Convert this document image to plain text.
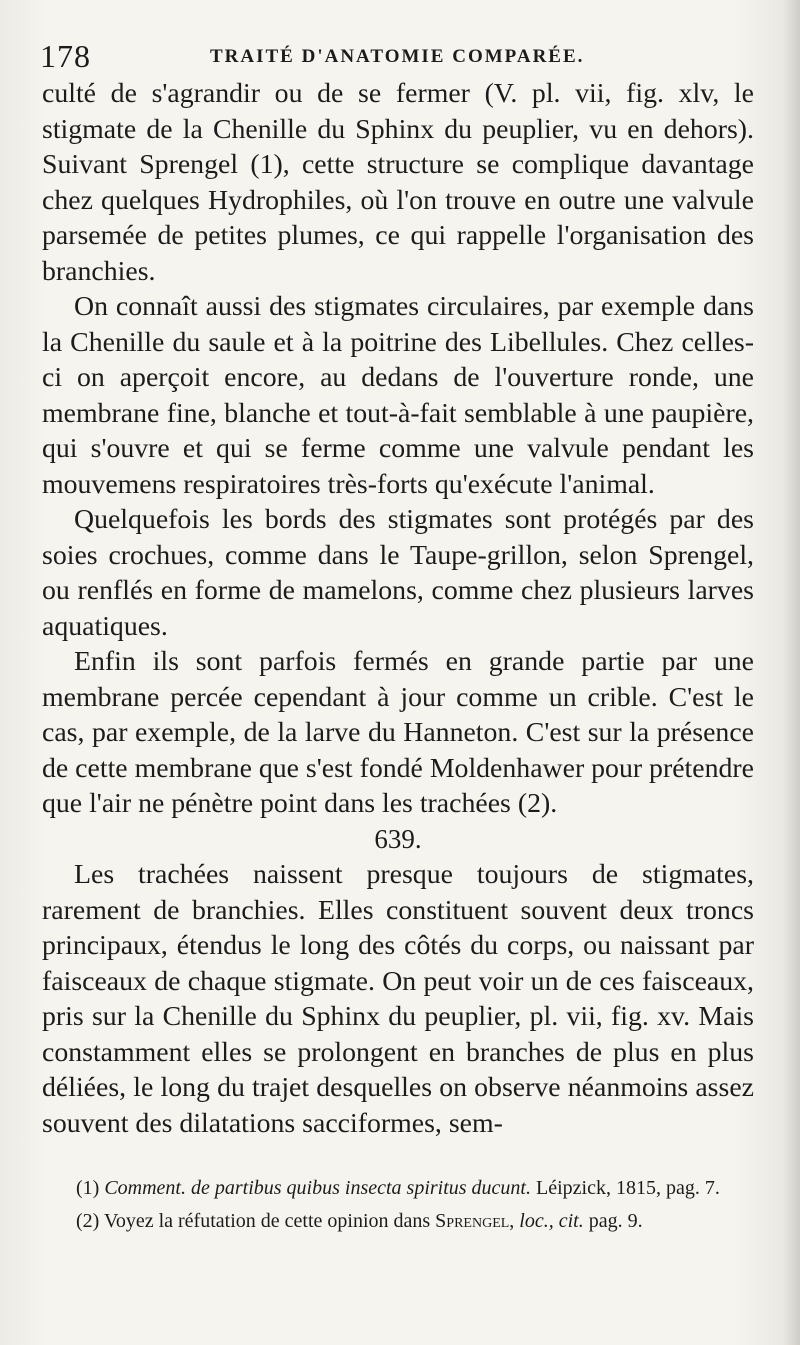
178	TRAITÉ D'ANATOMIE COMPARÉE.

culté de s'agrandir ou de se fermer (V. pl. vii, fig. xlv, le stigmate de la Chenille du Sphinx du peuplier, vu en dehors). Suivant Sprengel (1), cette structure se complique davantage chez quelques Hydrophiles, où l'on trouve en outre une valvule parsemée de petites plumes, ce qui rappelle l'organisation des branchies.

On connaît aussi des stigmates circulaires, par exemple dans la Chenille du saule et à la poitrine des Libellules. Chez celles-ci on aperçoit encore, au dedans de l'ouverture ronde, une membrane fine, blanche et tout-à-fait semblable à une paupière, qui s'ouvre et qui se ferme comme une valvule pendant les mouvemens respiratoires très-forts qu'exécute l'animal.

Quelquefois les bords des stigmates sont protégés par des soies crochues, comme dans le Taupe-grillon, selon Sprengel, ou renflés en forme de mamelons, comme chez plusieurs larves aquatiques.

Enfin ils sont parfois fermés en grande partie par une membrane percée cependant à jour comme un crible. C'est le cas, par exemple, de la larve du Hanneton. C'est sur la présence de cette membrane que s'est fondé Moldenhawer pour prétendre que l'air ne pénètre point dans les trachées (2).

639.

Les trachées naissent presque toujours de stigmates, rarement de branchies. Elles constituent souvent deux troncs principaux, étendus le long des côtés du corps, ou naissant par faisceaux de chaque stigmate. On peut voir un de ces faisceaux, pris sur la Chenille du Sphinx du peuplier, pl. vii, fig. xv. Mais constamment elles se prolongent en branches de plus en plus déliées, le long du trajet desquelles on observe néanmoins assez souvent des dilatations sacciformes, sem-

(1) Comment. de partibus quibus insecta spiritus ducunt. Léipzick, 1815, pag. 7.

(2) Voyez la réfutation de cette opinion dans Sprengel, loc., cit. pag. 9.
